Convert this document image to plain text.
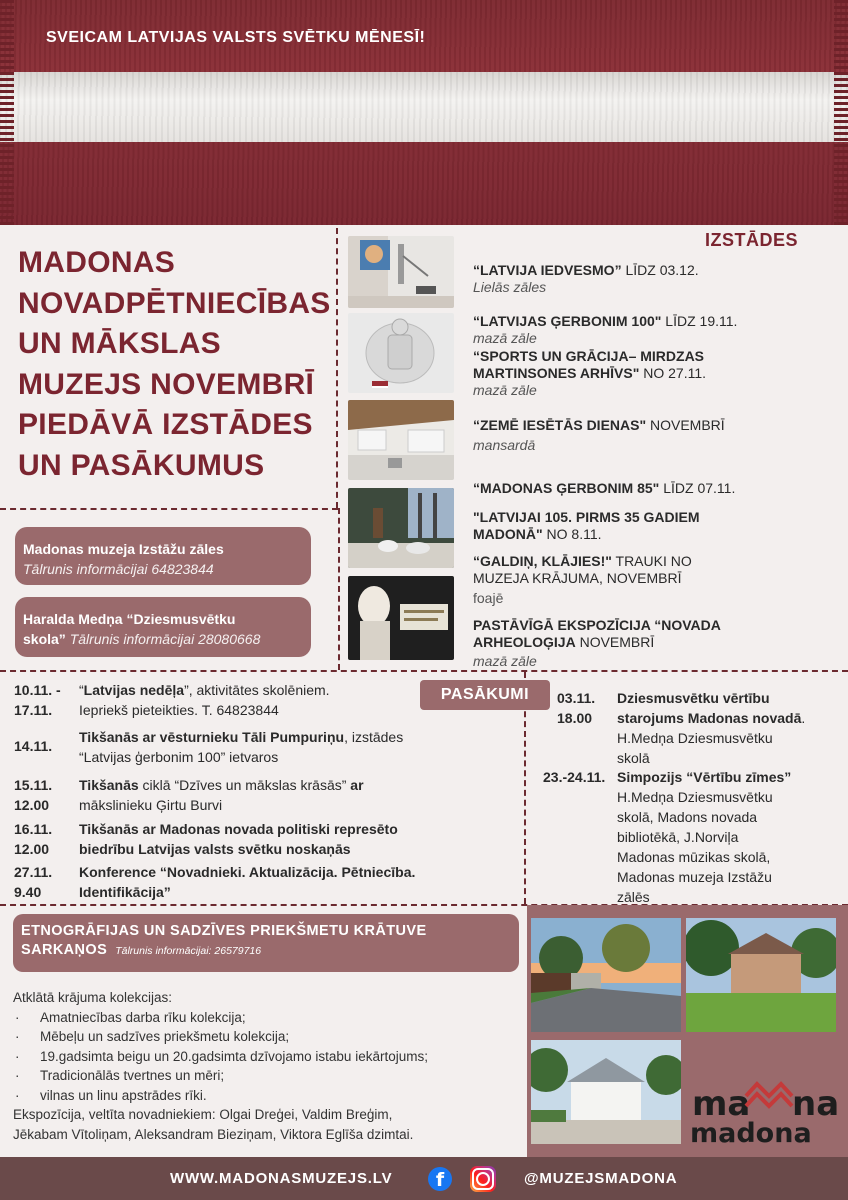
SVEICAM LATVIJAS VALSTS SVĒTKU MĒNESĪ!
MADONAS
NOVADPĒTNIECĪBAS
UN MĀKSLAS
MUZEJS NOVEMBRĪ
PIEDĀVĀ IZSTĀDES
UN PASĀKUMUS
Madonas muzeja Izstāžu zāles
Tālrunis informācijai 64823844
Haralda Medņa “Dziesmusvētku
skola” Tālrunis informācijai 28080668
IZSTĀDES
“LATVIJA IEDVESMO” LĪDZ 03.12.
Lielās zāles
“LATVIJAS ĢERBONIM 100" LĪDZ 19.11.
mazā zāle
“SPORTS UN GRĀCIJA– MIRDZAS MARTINSONES ARHĪVS" NO 27.11.
mazā zāle
“ZEMĒ IESĒTĀS DIENAS" NOVEMBRĪ
mansardā
“MADONAS ĢERBONIM 85" LĪDZ 07.11.
"LATVIJAI 105. PIRMS 35 GADIEM MADONĀ" NO 8.11.
“GALDIŅ, KLĀJIES!" TRAUKI NO MUZEJA KRĀJUMA, NOVEMBRĪ
foajē
PASTĀVĪGĀ EKSPOZĪCIJA “NOVADA ARHEOLOĢIJA NOVEMBRĪ
mazā zāle
PASĀKUMI
10.11. -
17.11.
“Latvijas nedēļa”, aktivitātes skolēniem.
Iepriekš pieteikties. T. 64823844
14.11.
Tikšanās ar vēsturnieku Tāli Pumpuriņu, izstādes
“Latvijas ģerbonim 100” ietvaros
15.11.
12.00
Tikšanās ciklā “Dzīves un mākslas krāsās” ar
mākslinieku Ģirtu Burvi
16.11.
12.00
Tikšanās ar Madonas novada politiski represēto
biedrību Latvijas valsts svētku noskaņās
27.11.
9.40
Konference “Novadnieki. Aktualizācija. Pētniecība.
Identifikācija”
03.11.
18.00
Dziesmusvētku vērtību
starojums Madonas novadā.
H.Medņa Dziesmusvētku
skolā
23.-24.11. Simpozijs “Vērtību zīmes”
H.Medņa Dziesmusvētku
skolā, Madons novada
bibliotēkā, J.Norviļa
Madonas mūzikas skolā,
Madonas muzeja Izstāžu
zālēs
ETNOGRĀFIJAS UN SADZĪVES PRIEKŠMETU KRĀTUVE
SARKAŅOS Tālrunis informācijai: 26579716
Atklātā krājuma kolekcijas:
· Amatniecības darba rīku kolekcija;
· Mēbeļu un sadzīves priekšmetu kolekcija;
· 19.gadsimta beigu un 20.gadsimta dzīvojamo istabu iekārtojums;
· Tradicionālās tvertnes un mēri;
· vilnas un linu apstrādes rīki.
Ekspozīcija, veltīta novadniekiem: Olgai Dreģei, Valdim Breģim,
Jēkabam Vītoliņam, Aleksandram Bieziņam, Viktora Eglīša dzimtai.
ma na
madona
WWW.MADONASMUZEJS.LV	f	@MUZEJSMADONA
